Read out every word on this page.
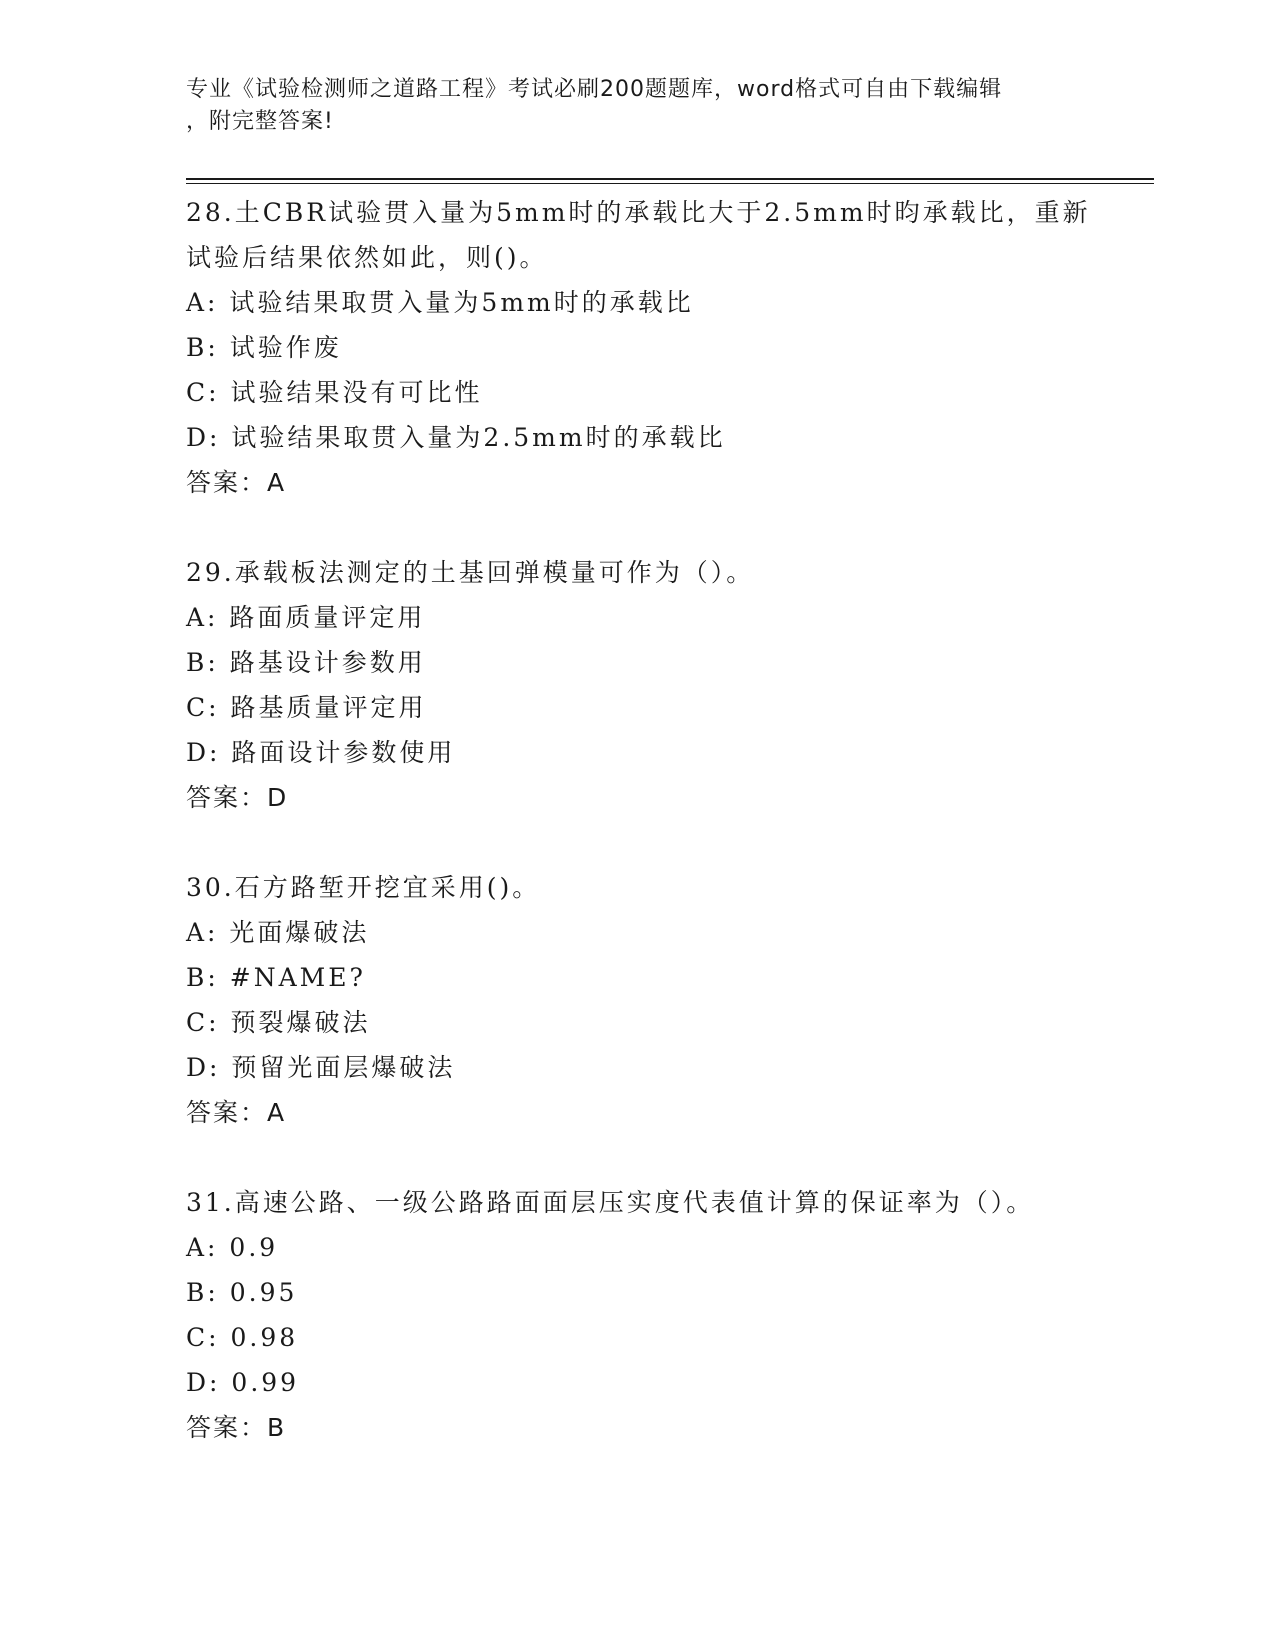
专业《试验检测师之道路工程》考试必刷200题题库，word格式可自由下载编辑
，附完整答案!
28.土CBR试验贯入量为5mm时的承载比大于2.5mm时昀承载比，重新
试验后结果依然如此，则()。
A: 试验结果取贯入量为5mm时的承载比
B: 试验作废
C: 试验结果没有可比性
D: 试验结果取贯入量为2.5mm时的承载比
答案：A
29.承载板法测定的土基回弹模量可作为（）。
A: 路面质量评定用
B: 路基设计参数用
C: 路基质量评定用
D: 路面设计参数使用
答案：D
30.石方路堑开挖宜采用()。
A: 光面爆破法
B: #NAME?
C: 预裂爆破法
D: 预留光面层爆破法
答案：A
31.高速公路、一级公路路面面层压实度代表值计算的保证率为（）。
A: 0.9
B: 0.95
C: 0.98
D: 0.99
答案：B
